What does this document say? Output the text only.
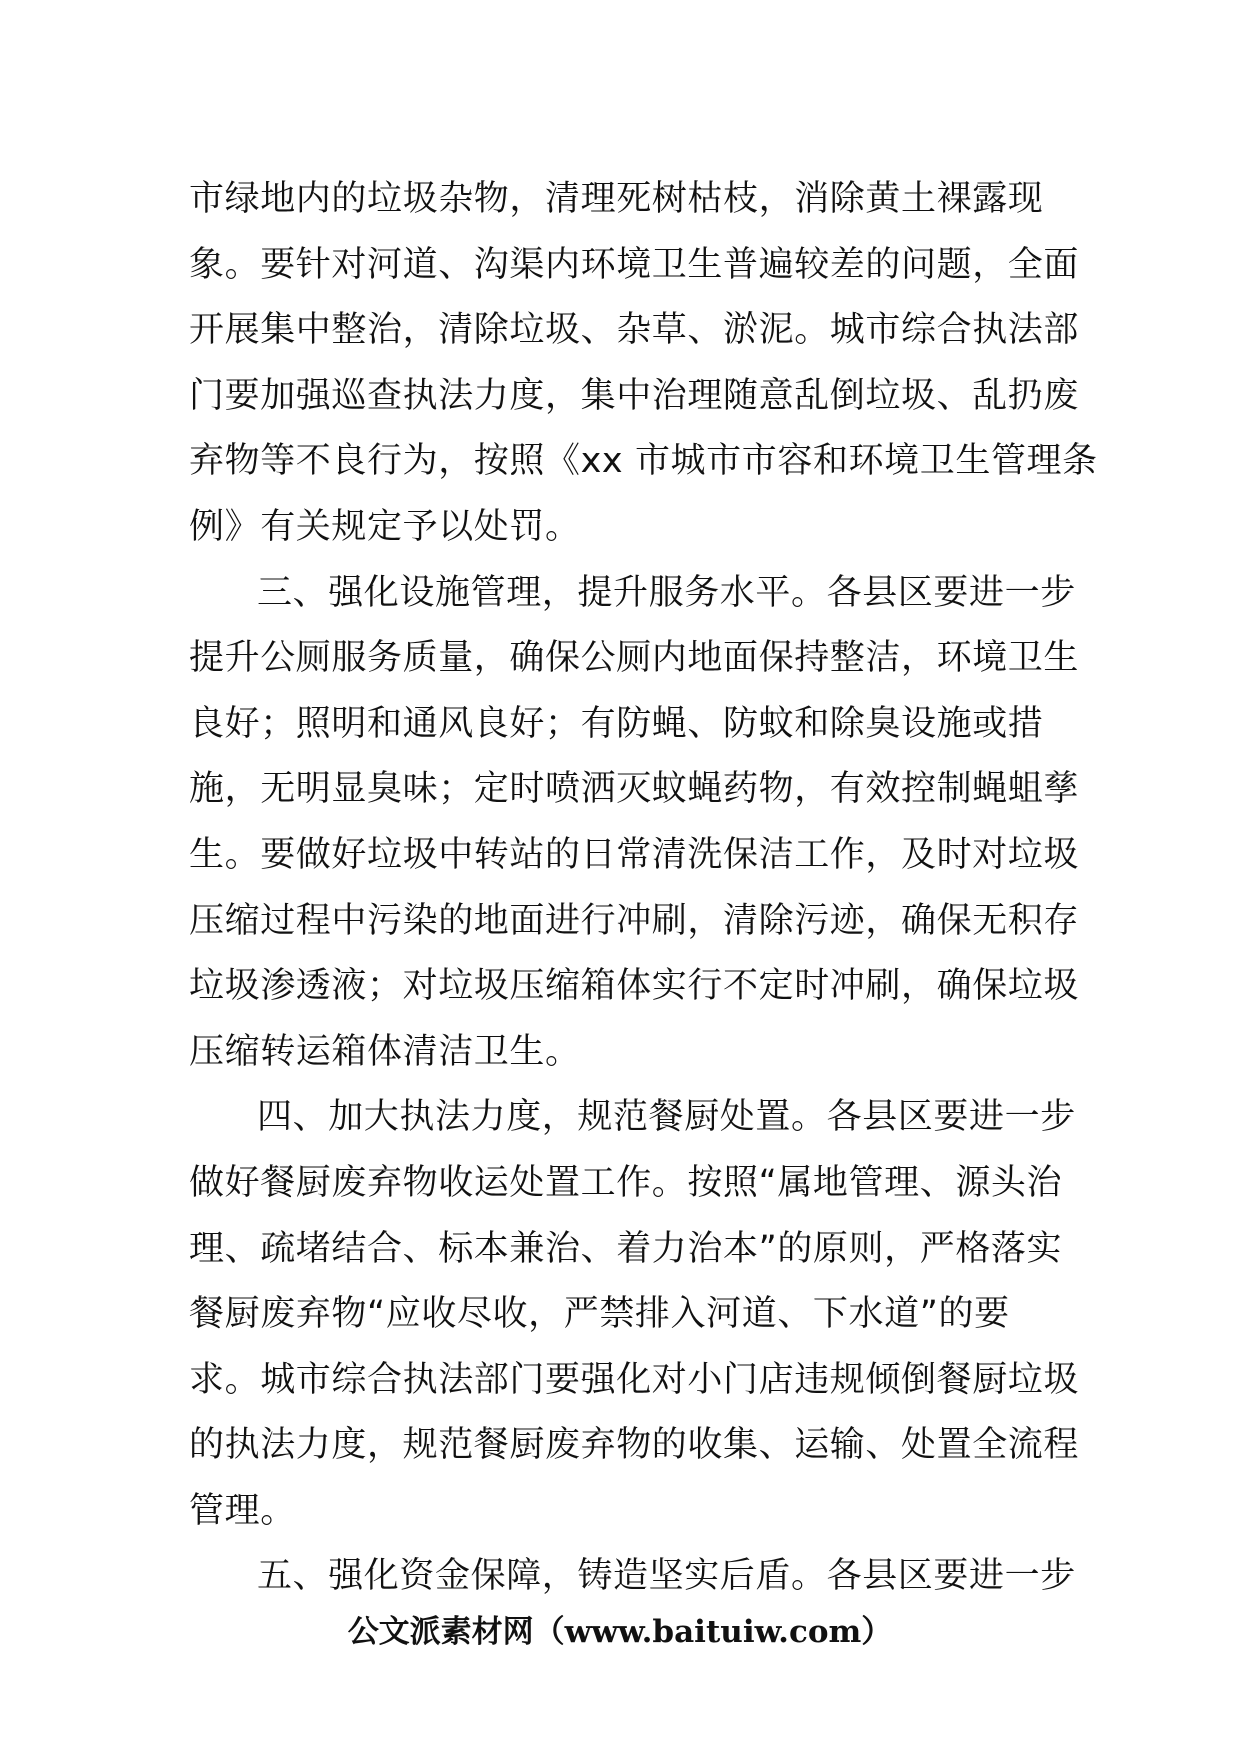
市绿地内的垃圾杂物，清理死树枯枝，消除黄土裸露现
象。要针对河道、沟渠内环境卫生普遍较差的问题，全面
开展集中整治，清除垃圾、杂草、淤泥。城市综合执法部
门要加强巡查执法力度，集中治理随意乱倒垃圾、乱扔废
弃物等不良行为，按照《xx 市城市市容和环境卫生管理条
例》有关规定予以处罚。
三、强化设施管理，提升服务水平。各县区要进一步
提升公厕服务质量，确保公厕内地面保持整洁，环境卫生
良好；照明和通风良好；有防蝇、防蚊和除臭设施或措
施，无明显臭味；定时喷洒灭蚊蝇药物，有效控制蝇蛆孳
生。要做好垃圾中转站的日常清洗保洁工作，及时对垃圾
压缩过程中污染的地面进行冲刷，清除污迹，确保无积存
垃圾渗透液；对垃圾压缩箱体实行不定时冲刷，确保垃圾
压缩转运箱体清洁卫生。
四、加大执法力度，规范餐厨处置。各县区要进一步
做好餐厨废弃物收运处置工作。按照“属地管理、源头治
理、疏堵结合、标本兼治、着力治本”的原则，严格落实
餐厨废弃物“应收尽收，严禁排入河道、下水道”的要
求。城市综合执法部门要强化对小门店违规倾倒餐厨垃圾
的执法力度，规范餐厨废弃物的收集、运输、处置全流程
管理。
五、强化资金保障，铸造坚实后盾。各县区要进一步
公文派素材网（www.baituiw.com）
